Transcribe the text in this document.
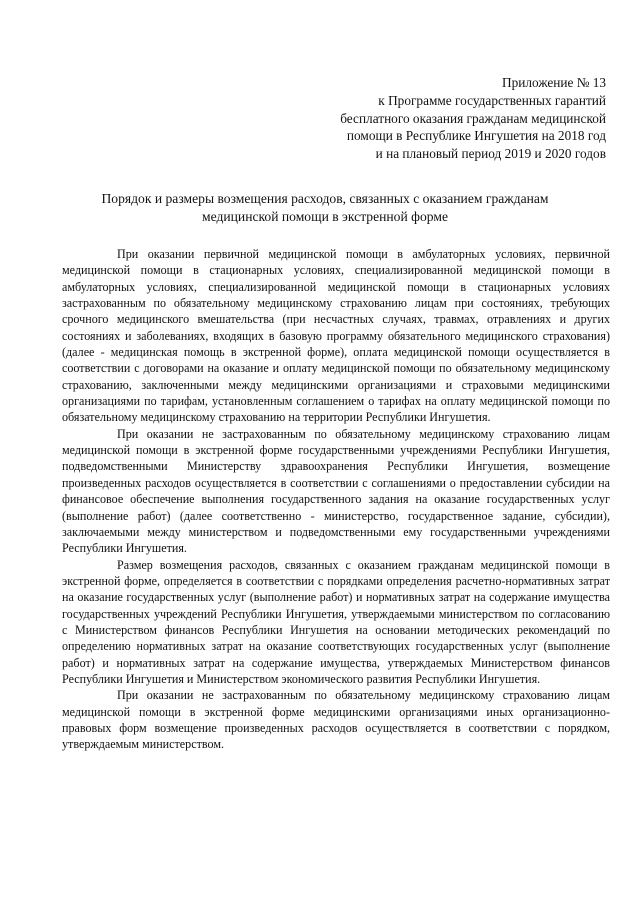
Приложение № 13
к Программе государственных гарантий
бесплатного оказания гражданам медицинской
помощи в Республике Ингушетия на 2018 год
и на плановый период 2019 и 2020 годов
Порядок и размеры возмещения расходов, связанных с оказанием гражданам
медицинской помощи в экстренной форме

При оказании первичной медицинской помощи в амбулаторных условиях, первичной медицинской помощи в стационарных условиях, специализированной медицинской помощи в амбулаторных условиях, специализированной медицинской помощи в стационарных условиях застрахованным по обязательному медицинскому страхованию лицам при состояниях, требующих срочного медицинского вмешательства (при несчастных случаях, травмах, отравлениях и других состояниях и заболеваниях, входящих в базовую программу обязательного медицинского страхования) (далее - медицинская помощь в экстренной форме), оплата медицинской помощи осуществляется в соответствии с договорами на оказание и оплату медицинской помощи по обязательному медицинскому страхованию, заключенными между медицинскими организациями и страховыми медицинскими организациями по тарифам, установленным соглашением о тарифах на оплату медицинской помощи по обязательному медицинскому страхованию на территории Республики Ингушетия.

При оказании не застрахованным по обязательному медицинскому страхованию лицам медицинской помощи в экстренной форме государственными учреждениями Республики Ингушетия, подведомственными Министерству здравоохранения Республики Ингушетия, возмещение произведенных расходов осуществляется в соответствии с соглашениями о предоставлении субсидии на финансовое обеспечение выполнения государственного задания на оказание государственных услуг (выполнение работ) (далее соответственно - министерство, государственное задание, субсидии), заключаемыми между министерством и подведомственными ему государственными учреждениями Республики Ингушетия.

Размер возмещения расходов, связанных с оказанием гражданам медицинской помощи в экстренной форме, определяется в соответствии с порядками определения расчетно-нормативных затрат на оказание государственных услуг (выполнение работ) и нормативных затрат на содержание имущества государственных учреждений Республики Ингушетия, утверждаемыми министерством по согласованию с Министерством финансов Республики Ингушетия на основании методических рекомендаций по определению нормативных затрат на оказание соответствующих государственных услуг (выполнение работ) и нормативных затрат на содержание имущества, утверждаемых Министерством финансов Республики Ингушетия и Министерством экономического развития Республики Ингушетия.

При оказании не застрахованным по обязательному медицинскому страхованию лицам медицинской помощи в экстренной форме медицинскими организациями иных организационно-правовых форм возмещение произведенных расходов осуществляется в соответствии с порядком, утверждаемым министерством.
